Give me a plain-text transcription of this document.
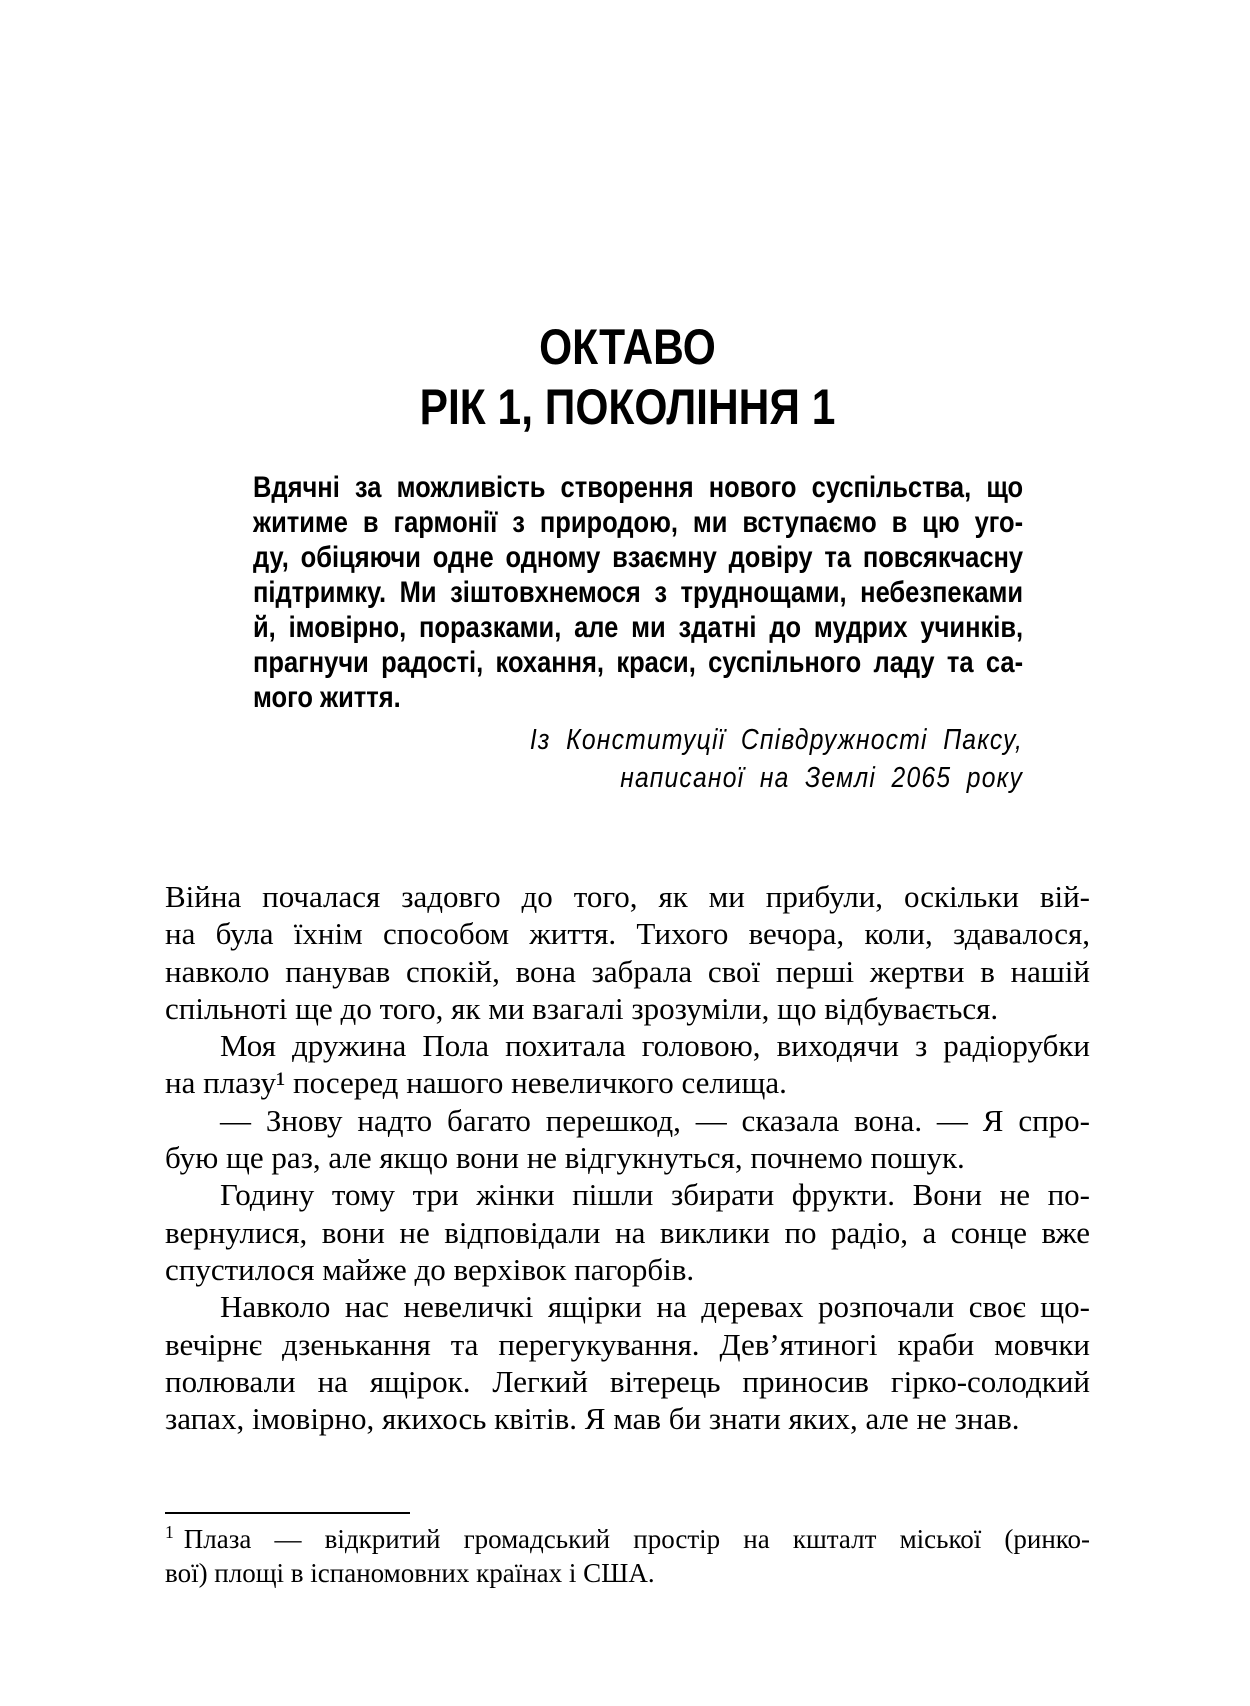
ОКТАВО
РІК 1, ПОКОЛІННЯ 1
Вдячні за можливість створення нового суспільства, що
житиме в гармонії з природою, ми вступаємо в цю уго-
ду, обіцяючи одне одному взаємну довіру та повсякчасну
підтримку. Ми зіштовхнемося з труднощами, небезпеками
й, імовірно, поразками, але ми здатні до мудрих учинків,
прагнучи радості, кохання, краси, суспільного ладу та са-
мого життя.
Із Конституції Співдружності Паксу,
написаної на Землі 2065 року
Війна почалася задовго до того, як ми прибули, оскільки вій-
на була їхнім способом життя. Тихого вечора, коли, здавалося,
навколо панував спокій, вона забрала свої перші жертви в нашій
спільноті ще до того, як ми взагалі зрозуміли, що відбувається.
Моя дружина Пола похитала головою, виходячи з радіорубки
на плазу¹ посеред нашого невеличкого селища.
— Знову надто багато перешкод, — сказала вона. — Я спро-
бую ще раз, але якщо вони не відгукнуться, почнемо пошук.
Годину тому три жінки пішли збирати фрукти. Вони не по-
вернулися, вони не відповідали на виклики по радіо, а сонце вже
спустилося майже до верхівок пагорбів.
Навколо нас невеличкі ящірки на деревах розпочали своє що-
вечірнє дзенькання та перегукування. Дев’ятиногі краби мовчки
полювали на ящірок. Легкий вітерець приносив гірко-солодкий
запах, імовірно, якихось квітів. Я мав би знати яких, але не знав.
$^1$ Плаза — відкритий громадський простір на кшталт міської (ринко-
вої) площі в іспаномовних країнах і США.
